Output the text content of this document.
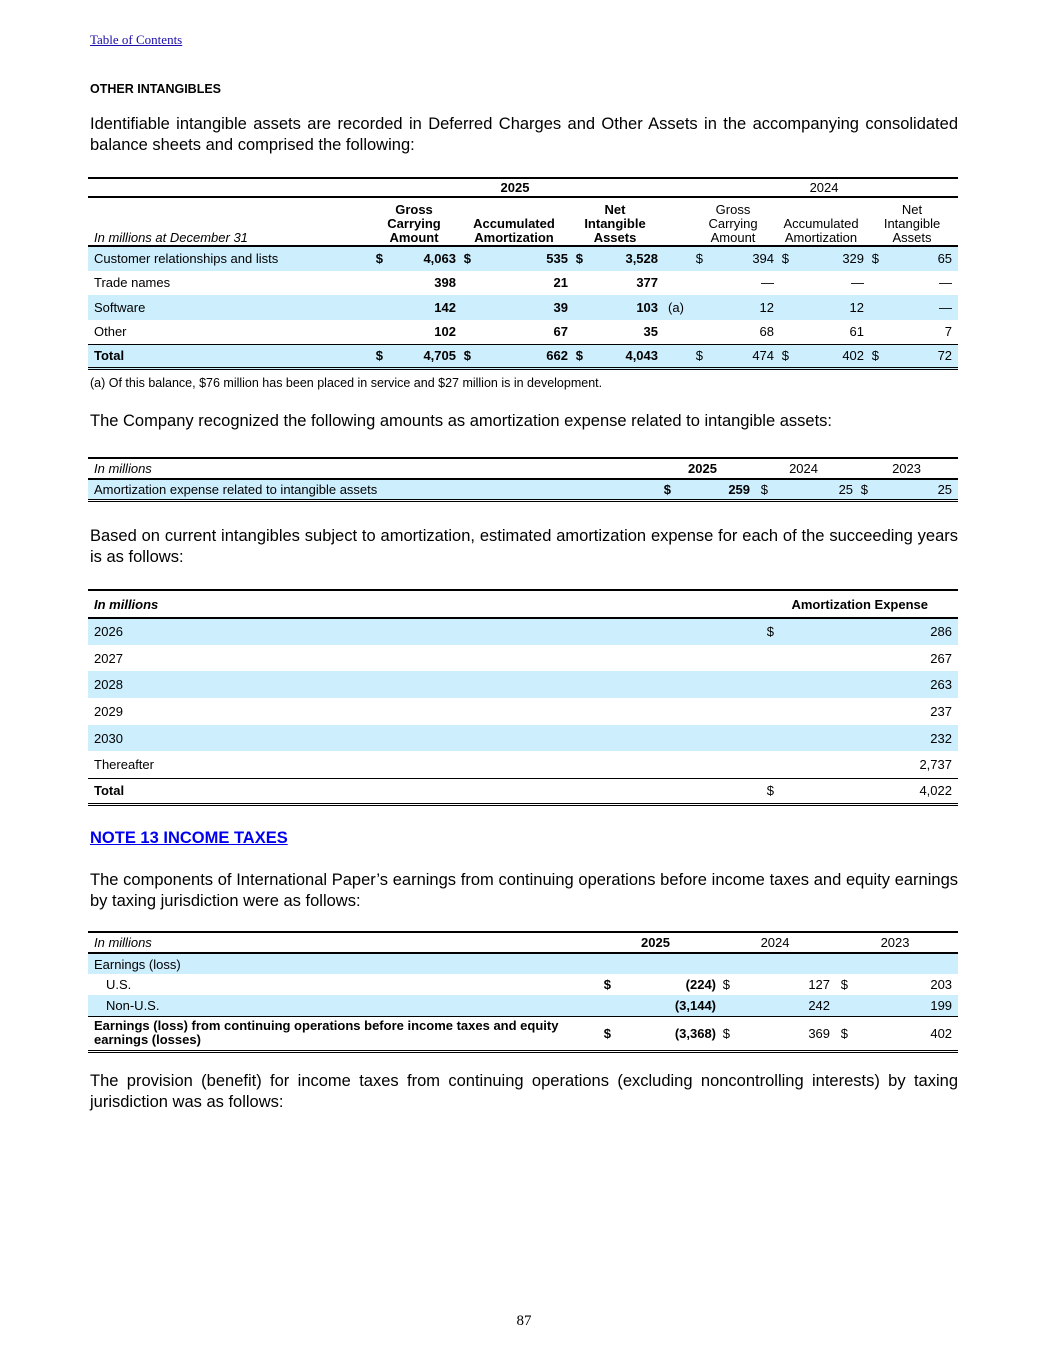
Table of Contents
OTHER INTANGIBLES
Identifiable intangible assets are recorded in Deferred Charges and Other Assets in the accompanying consolidated balance sheets and comprised the following:
	2025							2024					
In millions at December 31	Gross Carrying Amount		Accumulated Amortization		Net Intangible Assets			Gross Carrying Amount		Accumulated Amortization		Net Intangible Assets	
Customer relationships and lists	$	4,063	$	535	$	3,528		$	394	$	329	$	65
Trade names		398		21		377			—		—		—
Software		142		39		103	(a)		12		12		—
Other		102		67		35			68		61		7
Total	$	4,705	$	662	$	4,043		$	474	$	402	$	72
(a) Of this balance, $76 million has been placed in service and $27 million is in development.
The Company recognized the following amounts as amortization expense related to intangible assets:
In millions	2025		2024		2023	
Amortization expense related to intangible assets	$	259	$	25	$	25
Based on current intangibles subject to amortization, estimated amortization expense for each of the succeeding years is as follows:
In millions		Amortization Expense
2026	$	286
2027		267
2028		263
2029		237
2030		232
Thereafter		2,737
Total	$	4,022
NOTE 13 INCOME TAXES
The components of International Paper’s earnings from continuing operations before income taxes and equity earnings by taxing jurisdiction were as follows:
In millions	2025		2024		2023	
Earnings (loss)						
U.S.	$	(224)	$	127	$	203
Non-U.S.		(3,144)		242		199
Earnings (loss) from continuing operations before income taxes and equity earnings (losses)	$	(3,368)	$	369	$	402
The provision (benefit) for income taxes from continuing operations (excluding noncontrolling interests) by taxing jurisdiction was as follows:
87
